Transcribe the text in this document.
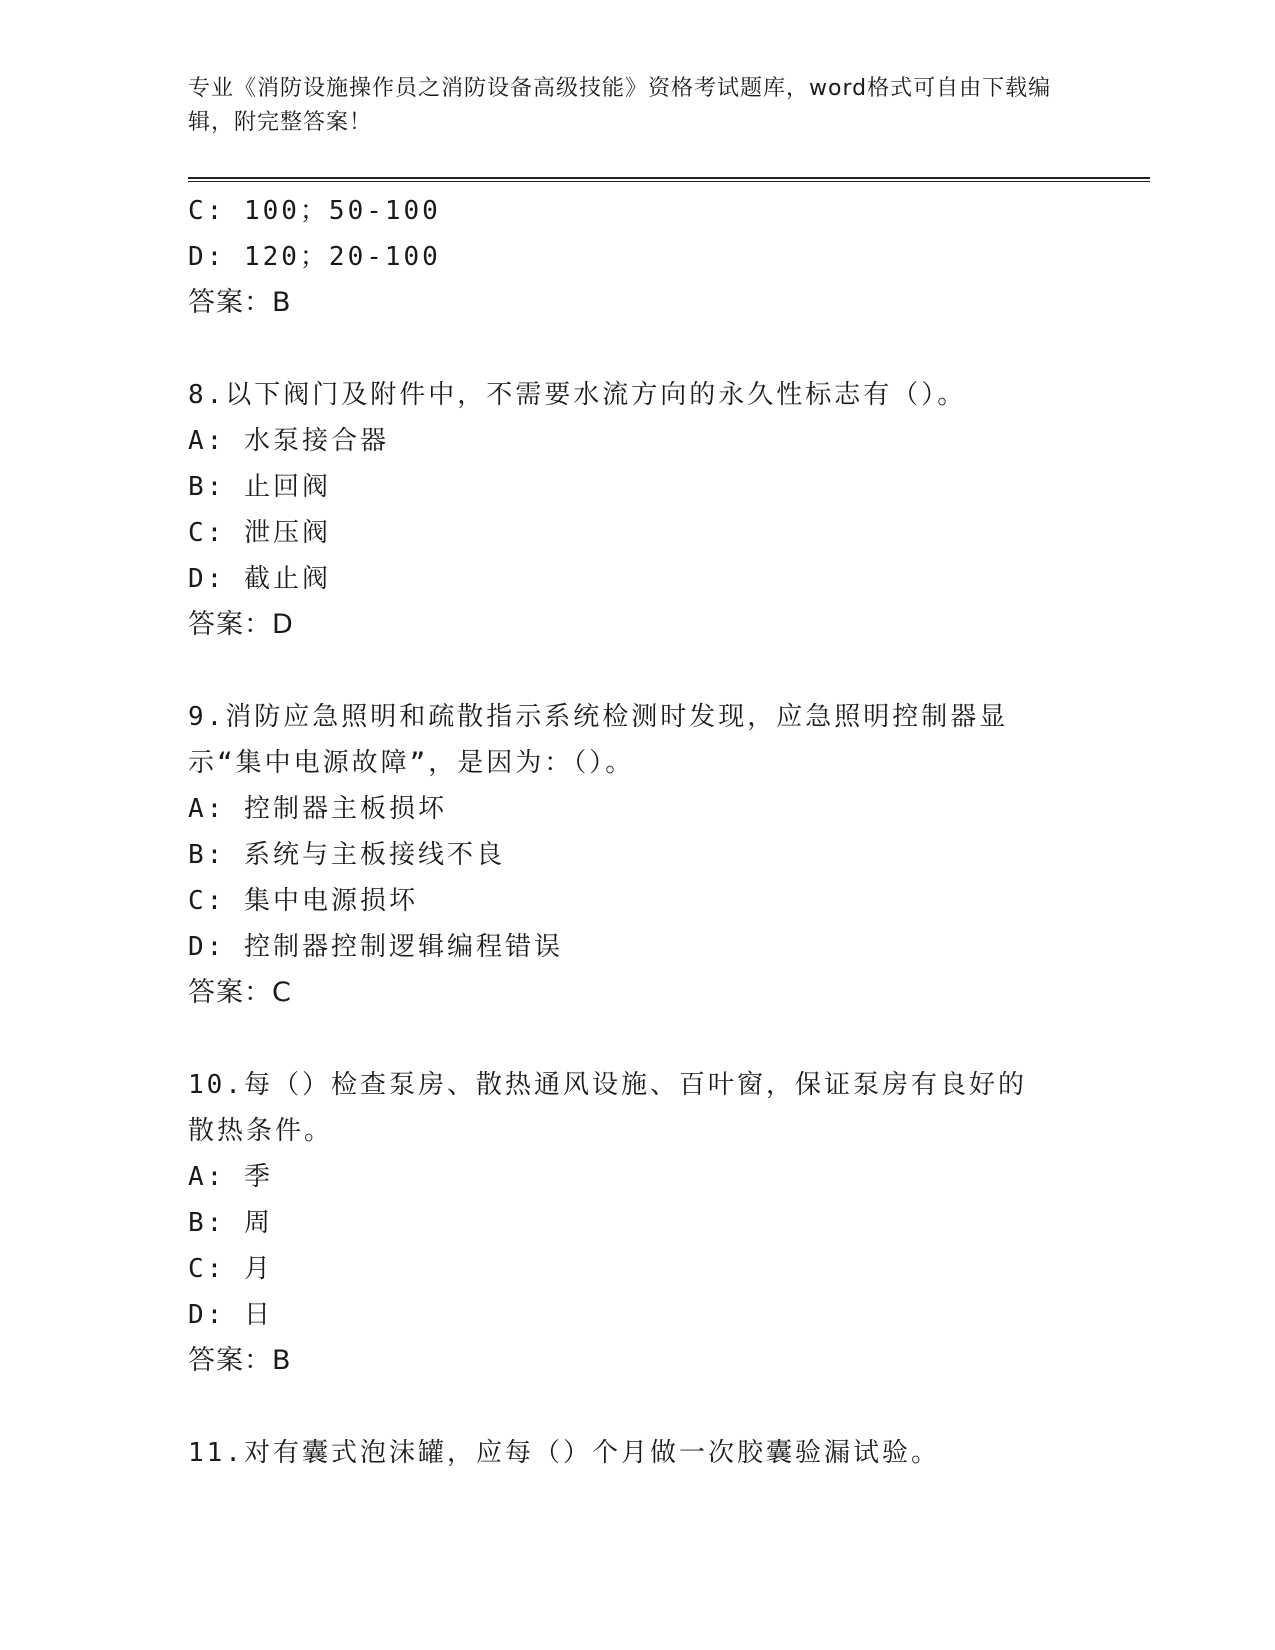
专业《消防设施操作员之消防设备高级技能》资格考试题库，word格式可自由下载编辑，附完整答案！
C: 100；50-100
D: 120；20-100
答案：B
8.以下阀门及附件中，不需要水流方向的永久性标志有（）。
A: 水泵接合器
B: 止回阀
C: 泄压阀
D: 截止阀
答案：D
9.消防应急照明和疏散指示系统检测时发现，应急照明控制器显示“集中电源故障”，是因为：（）。
A: 控制器主板损坏
B: 系统与主板接线不良
C: 集中电源损坏
D: 控制器控制逻辑编程错误
答案：C
10.每（）检查泵房、散热通风设施、百叶窗，保证泵房有良好的散热条件。
A: 季
B: 周
C: 月
D: 日
答案：B
11.对有囊式泡沫罐，应每（）个月做一次胶囊验漏试验。
